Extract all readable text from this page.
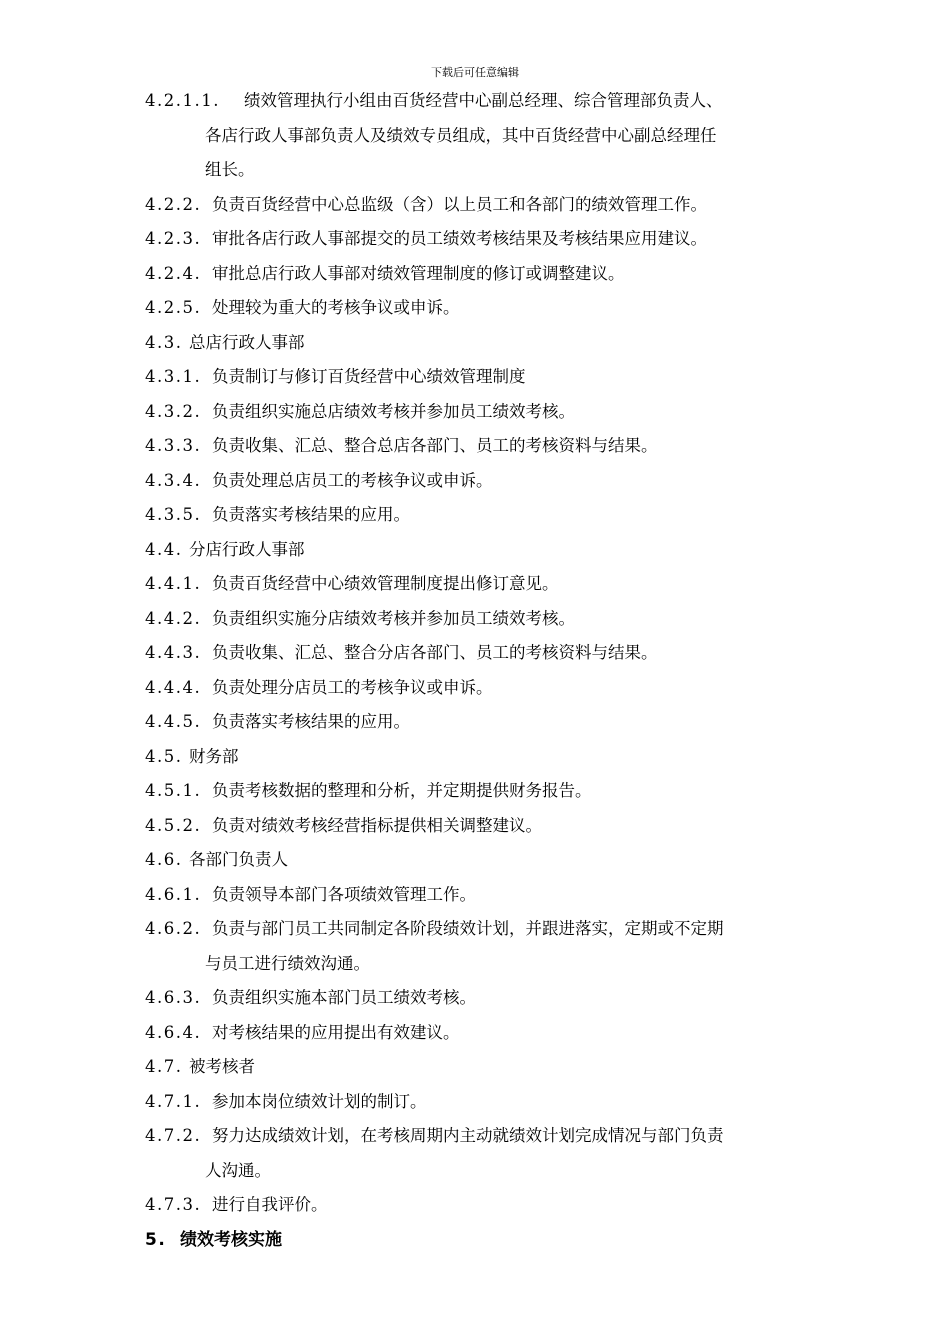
下载后可任意编辑
4.2.1.1. 绩效管理执行小组由百货经营中心副总经理、综合管理部负责人、
各店行政人事部负责人及绩效专员组成，其中百货经营中心副总经理任
组长。
4.2.2. 负责百货经营中心总监级（含）以上员工和各部门的绩效管理工作。
4.2.3. 审批各店行政人事部提交的员工绩效考核结果及考核结果应用建议。
4.2.4. 审批总店行政人事部对绩效管理制度的修订或调整建议。
4.2.5. 处理较为重大的考核争议或申诉。
4.3. 总店行政人事部
4.3.1. 负责制订与修订百货经营中心绩效管理制度
4.3.2. 负责组织实施总店绩效考核并参加员工绩效考核。
4.3.3. 负责收集、汇总、整合总店各部门、员工的考核资料与结果。
4.3.4. 负责处理总店员工的考核争议或申诉。
4.3.5. 负责落实考核结果的应用。
4.4. 分店行政人事部
4.4.1. 负责百货经营中心绩效管理制度提出修订意见。
4.4.2. 负责组织实施分店绩效考核并参加员工绩效考核。
4.4.3. 负责收集、汇总、整合分店各部门、员工的考核资料与结果。
4.4.4. 负责处理分店员工的考核争议或申诉。
4.4.5. 负责落实考核结果的应用。
4.5. 财务部
4.5.1. 负责考核数据的整理和分析，并定期提供财务报告。
4.5.2. 负责对绩效考核经营指标提供相关调整建议。
4.6. 各部门负责人
4.6.1. 负责领导本部门各项绩效管理工作。
4.6.2. 负责与部门员工共同制定各阶段绩效计划，并跟进落实，定期或不定期
与员工进行绩效沟通。
4.6.3. 负责组织实施本部门员工绩效考核。
4.6.4. 对考核结果的应用提出有效建议。
4.7. 被考核者
4.7.1. 参加本岗位绩效计划的制订。
4.7.2. 努力达成绩效计划，在考核周期内主动就绩效计划完成情况与部门负责
人沟通。
4.7.3. 进行自我评价。
5. 绩效考核实施
